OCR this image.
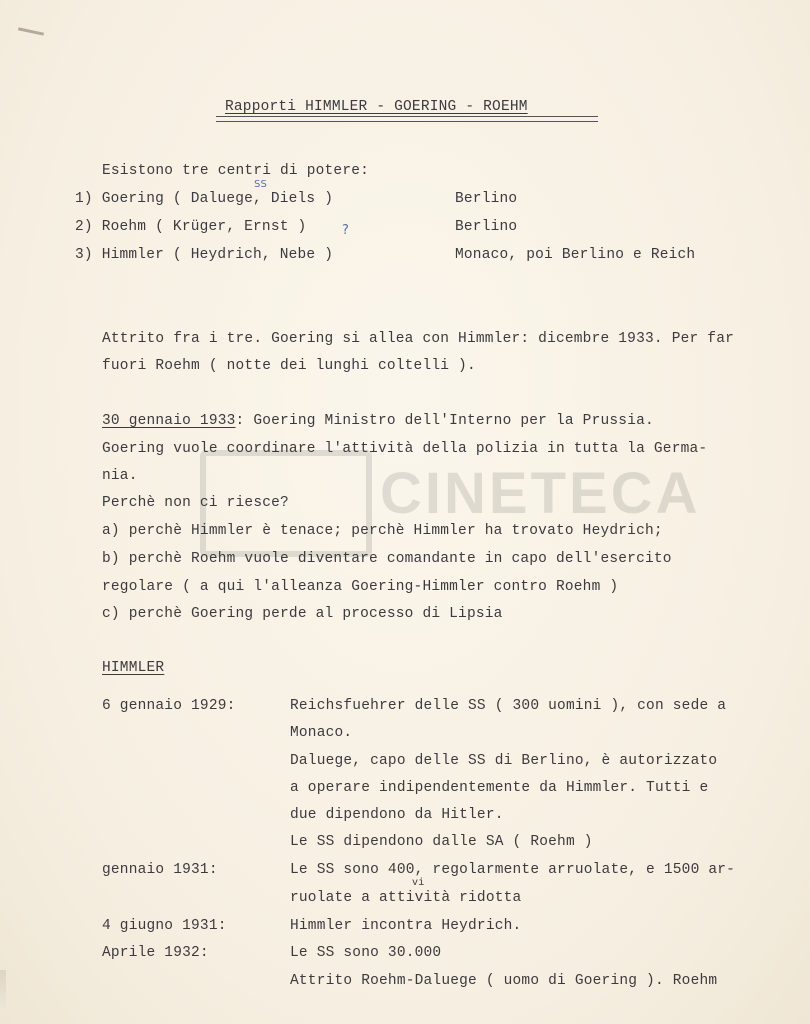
CINETECA
Rapporti HIMMLER - GOERING - ROEHM
Esistono tre centri di potere:
1) Goering ( Daluege, Diels )	Berlino
SS
2) Roehm ( Krüger, Ernst )	Berlino
?
3) Himmler ( Heydrich, Nebe )	Monaco, poi Berlino e Reich
Attrito fra i tre. Goering si allea con Himmler: dicembre 1933. Per far
fuori Roehm ( notte dei lunghi coltelli ).
30 gennaio 1933: Goering Ministro dell'Interno per la Prussia.
Goering vuole coordinare l'attività della polizia in tutta la Germa-
nia.
Perchè non ci riesce?
a) perchè Himmler è tenace; perchè Himmler ha trovato Heydrich;
b) perchè Roehm vuole diventare comandante in capo dell'esercito
regolare ( a qui l'alleanza Goering-Himmler contro Roehm )
c) perchè Goering perde al processo di Lipsia
HIMMLER
6 gennaio 1929:	Reichsfuehrer delle SS ( 300 uomini ), con sede a
Monaco.
Daluege, capo delle SS di Berlino, è autorizzato
a operare indipendentemente da Himmler. Tutti e
due dipendono da Hitler.
Le SS dipendono dalle SA ( Roehm )
gennaio 1931:	Le SS sono 400, regolarmente arruolate, e 1500 ar-
ruolate a attività ridotta
vi
4 giugno 1931:	Himmler incontra Heydrich.
Aprile 1932:	Le SS sono 30.000
Attrito Roehm-Daluege ( uomo di Goering ). Roehm
